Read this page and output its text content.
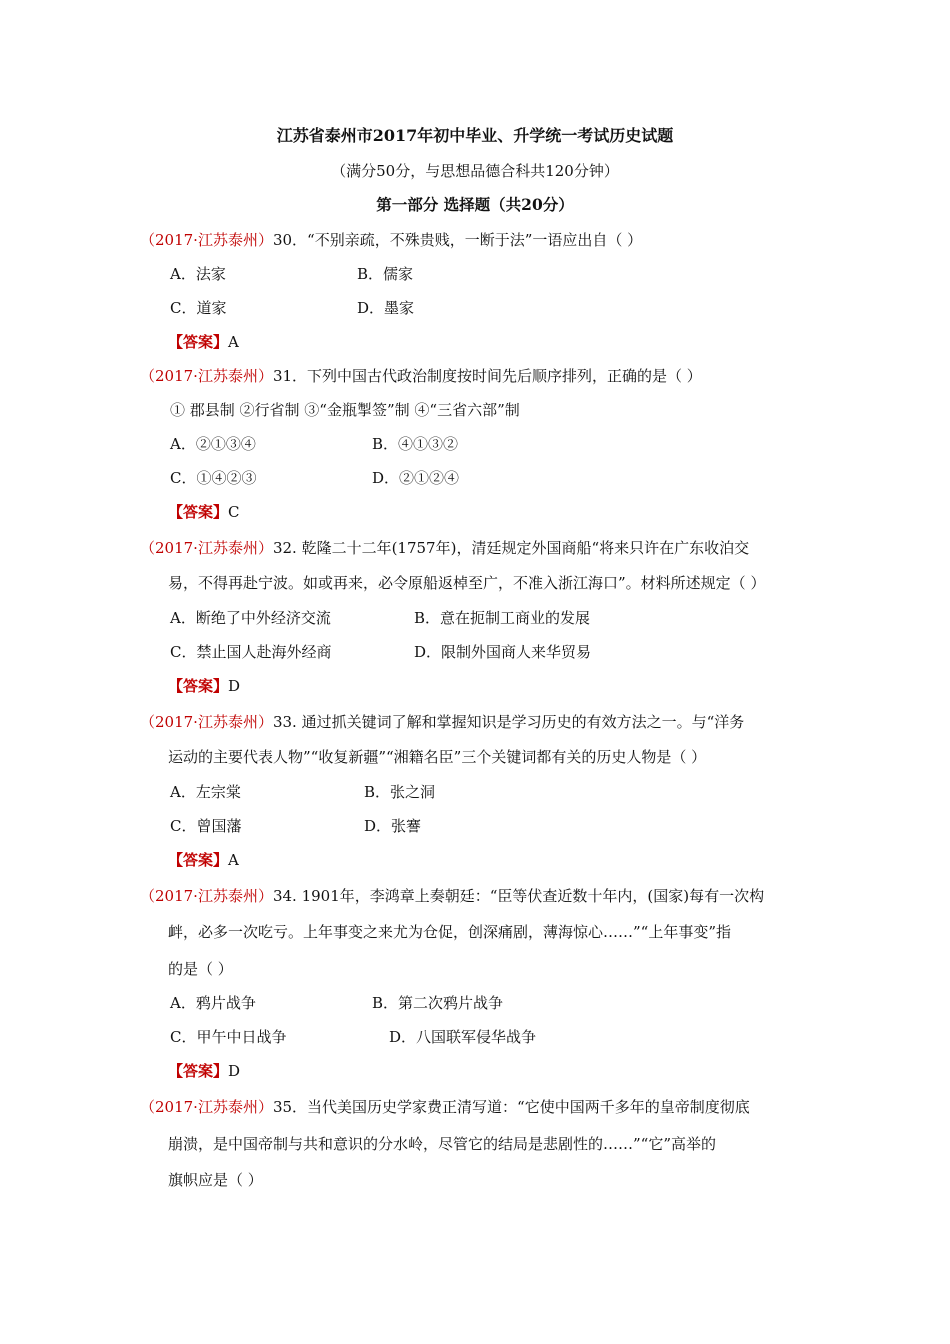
江苏省泰州市2017年初中毕业、升学统一考试历史试题
（满分50分，与思想品德合科共120分钟）
第一部分 选择题（共20分）
（2017·江苏泰州）30．“不别亲疏，不殊贵贱，一断于法”一语应出自（ ）
A．法家	B．儒家
C．道家	D．墨家
【答案】A
（2017·江苏泰州）31．下列中国古代政治制度按时间先后顺序排列，正确的是（ ）
① 郡县制 ②行省制 ③“金瓶掣签”制 ④“三省六部”制
A．②①③④	B．④①③②
C．①④②③	D．②①②④
【答案】C
（2017·江苏泰州）32. 乾隆二十二年(1757年)，清廷规定外国商船“将来只许在广东收泊交
易，不得再赴宁波。如或再来，必令原船返棹至广，不准入浙江海口”。材料所述规定（ ）
A．断绝了中外经济交流	B．意在扼制工商业的发展
C．禁止国人赴海外经商	D．限制外国商人来华贸易
【答案】D
（2017·江苏泰州）33. 通过抓关键词了解和掌握知识是学习历史的有效方法之一。与“洋务
运动的主要代表人物”“收复新疆”“湘籍名臣”三个关键词都有关的历史人物是（ ）
A．左宗棠	B．张之洞
C．曾国藩	D．张謇
【答案】A
（2017·江苏泰州）34. 1901年，李鸿章上奏朝廷：“臣等伏查近数十年内，(国家)每有一次构
衅，必多一次吃亏。上年事变之来尤为仓促，创深痛剧，薄海惊心……”“上年事变”指
的是（ ）
A．鸦片战争	B．第二次鸦片战争
C．甲午中日战争	D．八国联军侵华战争
【答案】D
（2017·江苏泰州）35．当代美国历史学家费正清写道：“它使中国两千多年的皇帝制度彻底
崩溃，是中国帝制与共和意识的分水岭，尽管它的结局是悲剧性的……”“它”高举的
旗帜应是（ ）
